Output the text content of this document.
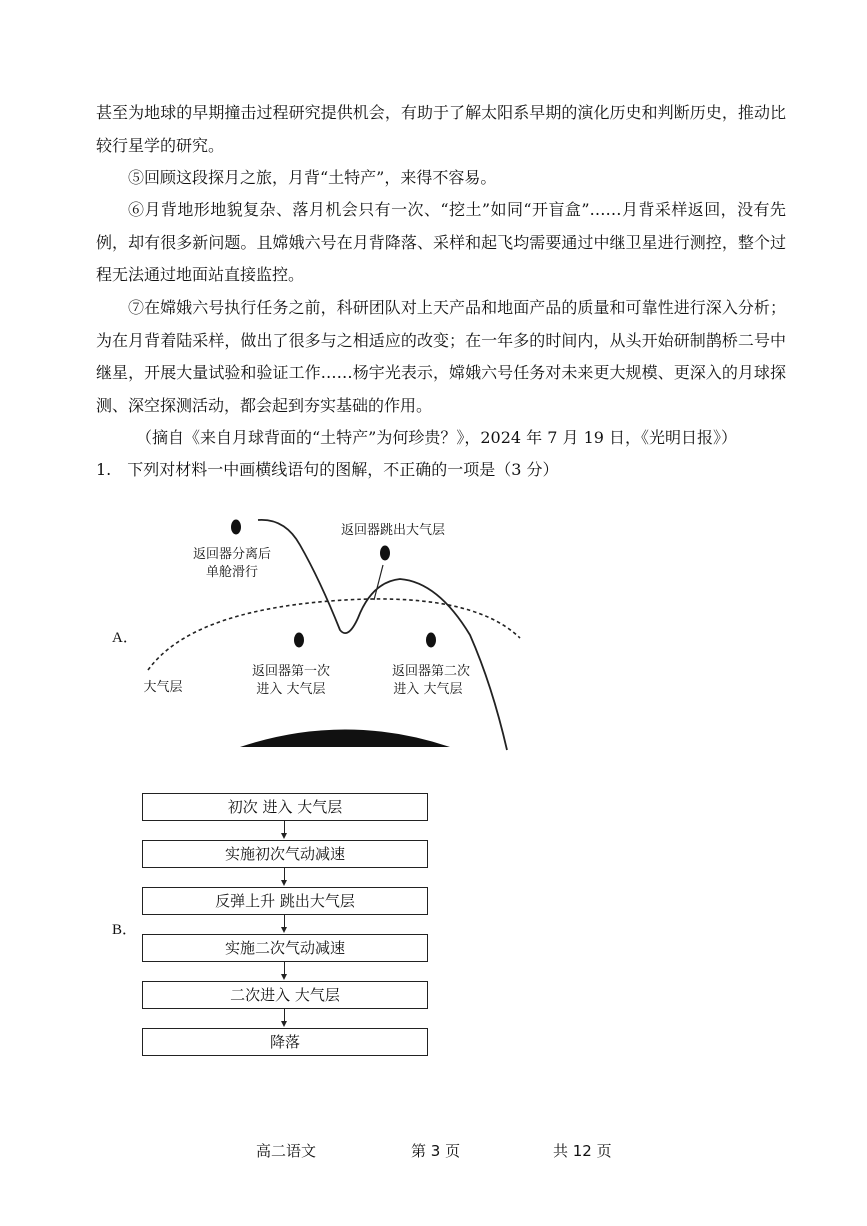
甚至为地球的早期撞击过程研究提供机会，有助于了解太阳系早期的演化历史和判断历史，推动比较行星学的研究。

⑤回顾这段探月之旅，月背“土特产”，来得不容易。

⑥月背地形地貌复杂、落月机会只有一次、“挖土”如同“开盲盒”……月背采样返回，没有先例，却有很多新问题。且嫦娥六号在月背降落、采样和起飞均需要通过中继卫星进行测控，整个过程无法通过地面站直接监控。

⑦在嫦娥六号执行任务之前，科研团队对上天产品和地面产品的质量和可靠性进行深入分析；为在月背着陆采样，做出了很多与之相适应的改变；在一年多的时间内，从头开始研制鹊桥二号中继星，开展大量试验和验证工作……杨宇光表示，嫦娥六号任务对未来更大规模、更深入的月球探测、深空探测活动，都会起到夯实基础的作用。

（摘自《来自月球背面的“土特产”为何珍贵？》，2024 年 7 月 19 日，《光明日报》）
1.　下列对材料一中画横线语句的图解，不正确的一项是（3 分）
A．
返回器分离后
单舱滑行
返回器跳出大气层
返回器第一次
进入 大气层
返回器第二次
进入 大气层
大气层
B．
初次 进入 大气层
实施初次气动减速
反弹上升 跳出大气层
实施二次气动减速
二次进入 大气层
降落
高二语文	第 3 页	共 12 页
